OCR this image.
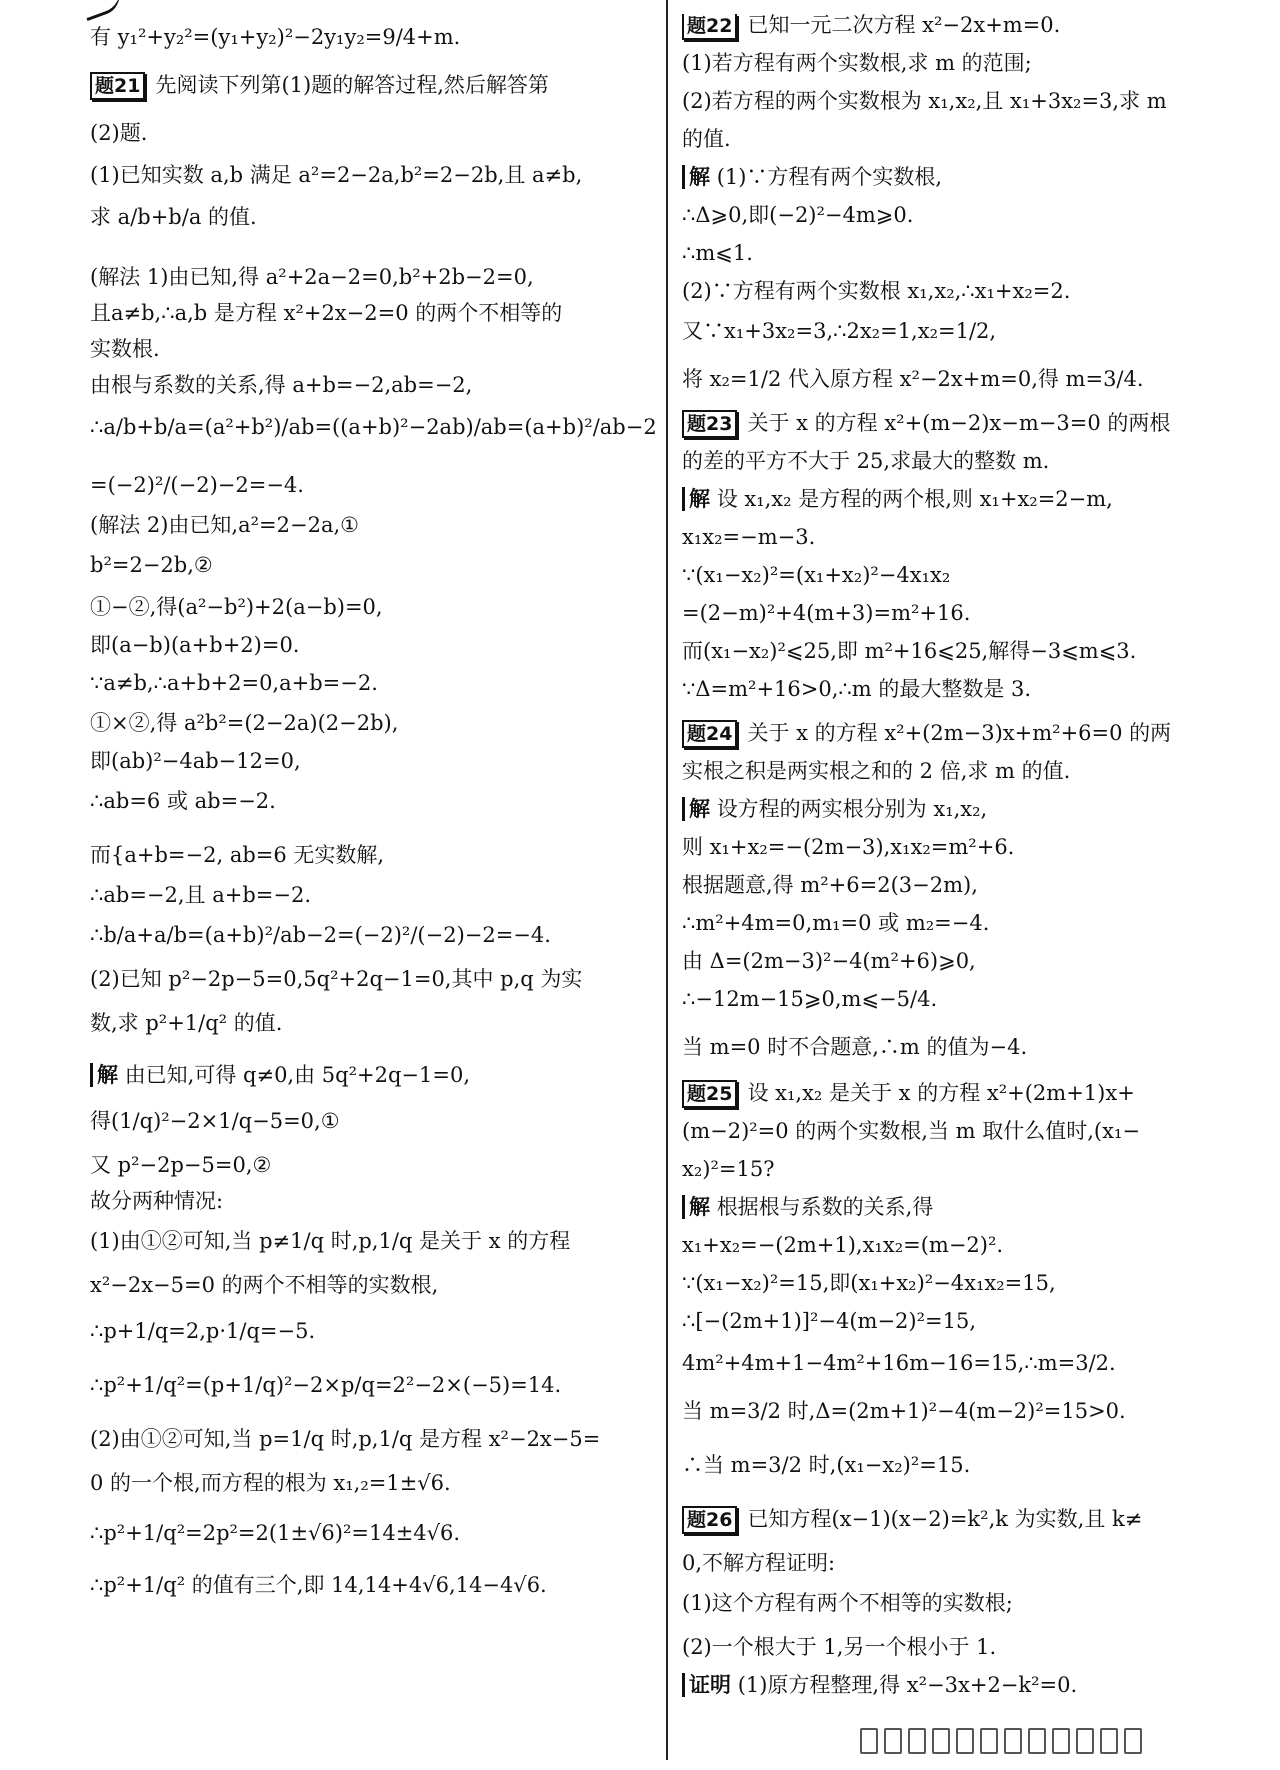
有 y₁²+y₂²=(y₁+y₂)²−2y₁y₂=9/4+m.
题21 先阅读下列第(1)题的解答过程,然后解答第
(2)题.
(1)已知实数 a,b 满足 a²=2−2a,b²=2−2b,且 a≠b,
求 a/b+b/a 的值.
(解法 1)由已知,得 a²+2a−2=0,b²+2b−2=0,
且a≠b,∴a,b 是方程 x²+2x−2=0 的两个不相等的
实数根.
由根与系数的关系,得 a+b=−2,ab=−2,
∴a/b+b/a=(a²+b²)/ab=((a+b)²−2ab)/ab=(a+b)²/ab−2
=(−2)²/(−2)−2=−4.
(解法 2)由已知,a²=2−2a,①
b²=2−2b,②
①−②,得(a²−b²)+2(a−b)=0,
即(a−b)(a+b+2)=0.
∵a≠b,∴a+b+2=0,a+b=−2.
①×②,得 a²b²=(2−2a)(2−2b),
即(ab)²−4ab−12=0,
∴ab=6 或 ab=−2.
而{a+b=−2, ab=6 无实数解,
∴ab=−2,且 a+b=−2.
∴b/a+a/b=(a+b)²/ab−2=(−2)²/(−2)−2=−4.
(2)已知 p²−2p−5=0,5q²+2q−1=0,其中 p,q 为实
数,求 p²+1/q² 的值.
解 由已知,可得 q≠0,由 5q²+2q−1=0,
得(1/q)²−2×1/q−5=0,①
又 p²−2p−5=0,②
故分两种情况:
(1)由①②可知,当 p≠1/q 时,p,1/q 是关于 x 的方程
x²−2x−5=0 的两个不相等的实数根,
∴p+1/q=2,p·1/q=−5.
∴p²+1/q²=(p+1/q)²−2×p/q=2²−2×(−5)=14.
(2)由①②可知,当 p=1/q 时,p,1/q 是方程 x²−2x−5=
0 的一个根,而方程的根为 x₁,₂=1±√6.
∴p²+1/q²=2p²=2(1±√6)²=14±4√6.
∴p²+1/q² 的值有三个,即 14,14+4√6,14−4√6.
题22 已知一元二次方程 x²−2x+m=0.
(1)若方程有两个实数根,求 m 的范围;
(2)若方程的两个实数根为 x₁,x₂,且 x₁+3x₂=3,求 m
的值.
解 (1)∵方程有两个实数根,
∴Δ⩾0,即(−2)²−4m⩾0.
∴m⩽1.
(2)∵方程有两个实数根 x₁,x₂,∴x₁+x₂=2.
又∵x₁+3x₂=3,∴2x₂=1,x₂=1/2,
将 x₂=1/2 代入原方程 x²−2x+m=0,得 m=3/4.
题23 关于 x 的方程 x²+(m−2)x−m−3=0 的两根
的差的平方不大于 25,求最大的整数 m.
解 设 x₁,x₂ 是方程的两个根,则 x₁+x₂=2−m,
x₁x₂=−m−3.
∵(x₁−x₂)²=(x₁+x₂)²−4x₁x₂
=(2−m)²+4(m+3)=m²+16.
而(x₁−x₂)²⩽25,即 m²+16⩽25,解得−3⩽m⩽3.
∵Δ=m²+16>0,∴m 的最大整数是 3.
题24 关于 x 的方程 x²+(2m−3)x+m²+6=0 的两
实根之积是两实根之和的 2 倍,求 m 的值.
解 设方程的两实根分别为 x₁,x₂,
则 x₁+x₂=−(2m−3),x₁x₂=m²+6.
根据题意,得 m²+6=2(3−2m),
∴m²+4m=0,m₁=0 或 m₂=−4.
由 Δ=(2m−3)²−4(m²+6)⩾0,
∴−12m−15⩾0,m⩽−5/4.
当 m=0 时不合题意,∴m 的值为−4.
题25 设 x₁,x₂ 是关于 x 的方程 x²+(2m+1)x+
(m−2)²=0 的两个实数根,当 m 取什么值时,(x₁−
x₂)²=15?
解 根据根与系数的关系,得
x₁+x₂=−(2m+1),x₁x₂=(m−2)².
∵(x₁−x₂)²=15,即(x₁+x₂)²−4x₁x₂=15,
∴[−(2m+1)]²−4(m−2)²=15,
4m²+4m+1−4m²+16m−16=15,∴m=3/2.
当 m=3/2 时,Δ=(2m+1)²−4(m−2)²=15>0.
∴当 m=3/2 时,(x₁−x₂)²=15.
题26 已知方程(x−1)(x−2)=k²,k 为实数,且 k≠
0,不解方程证明:
(1)这个方程有两个不相等的实数根;
(2)一个根大于 1,另一个根小于 1.
证明 (1)原方程整理,得 x²−3x+2−k²=0.
